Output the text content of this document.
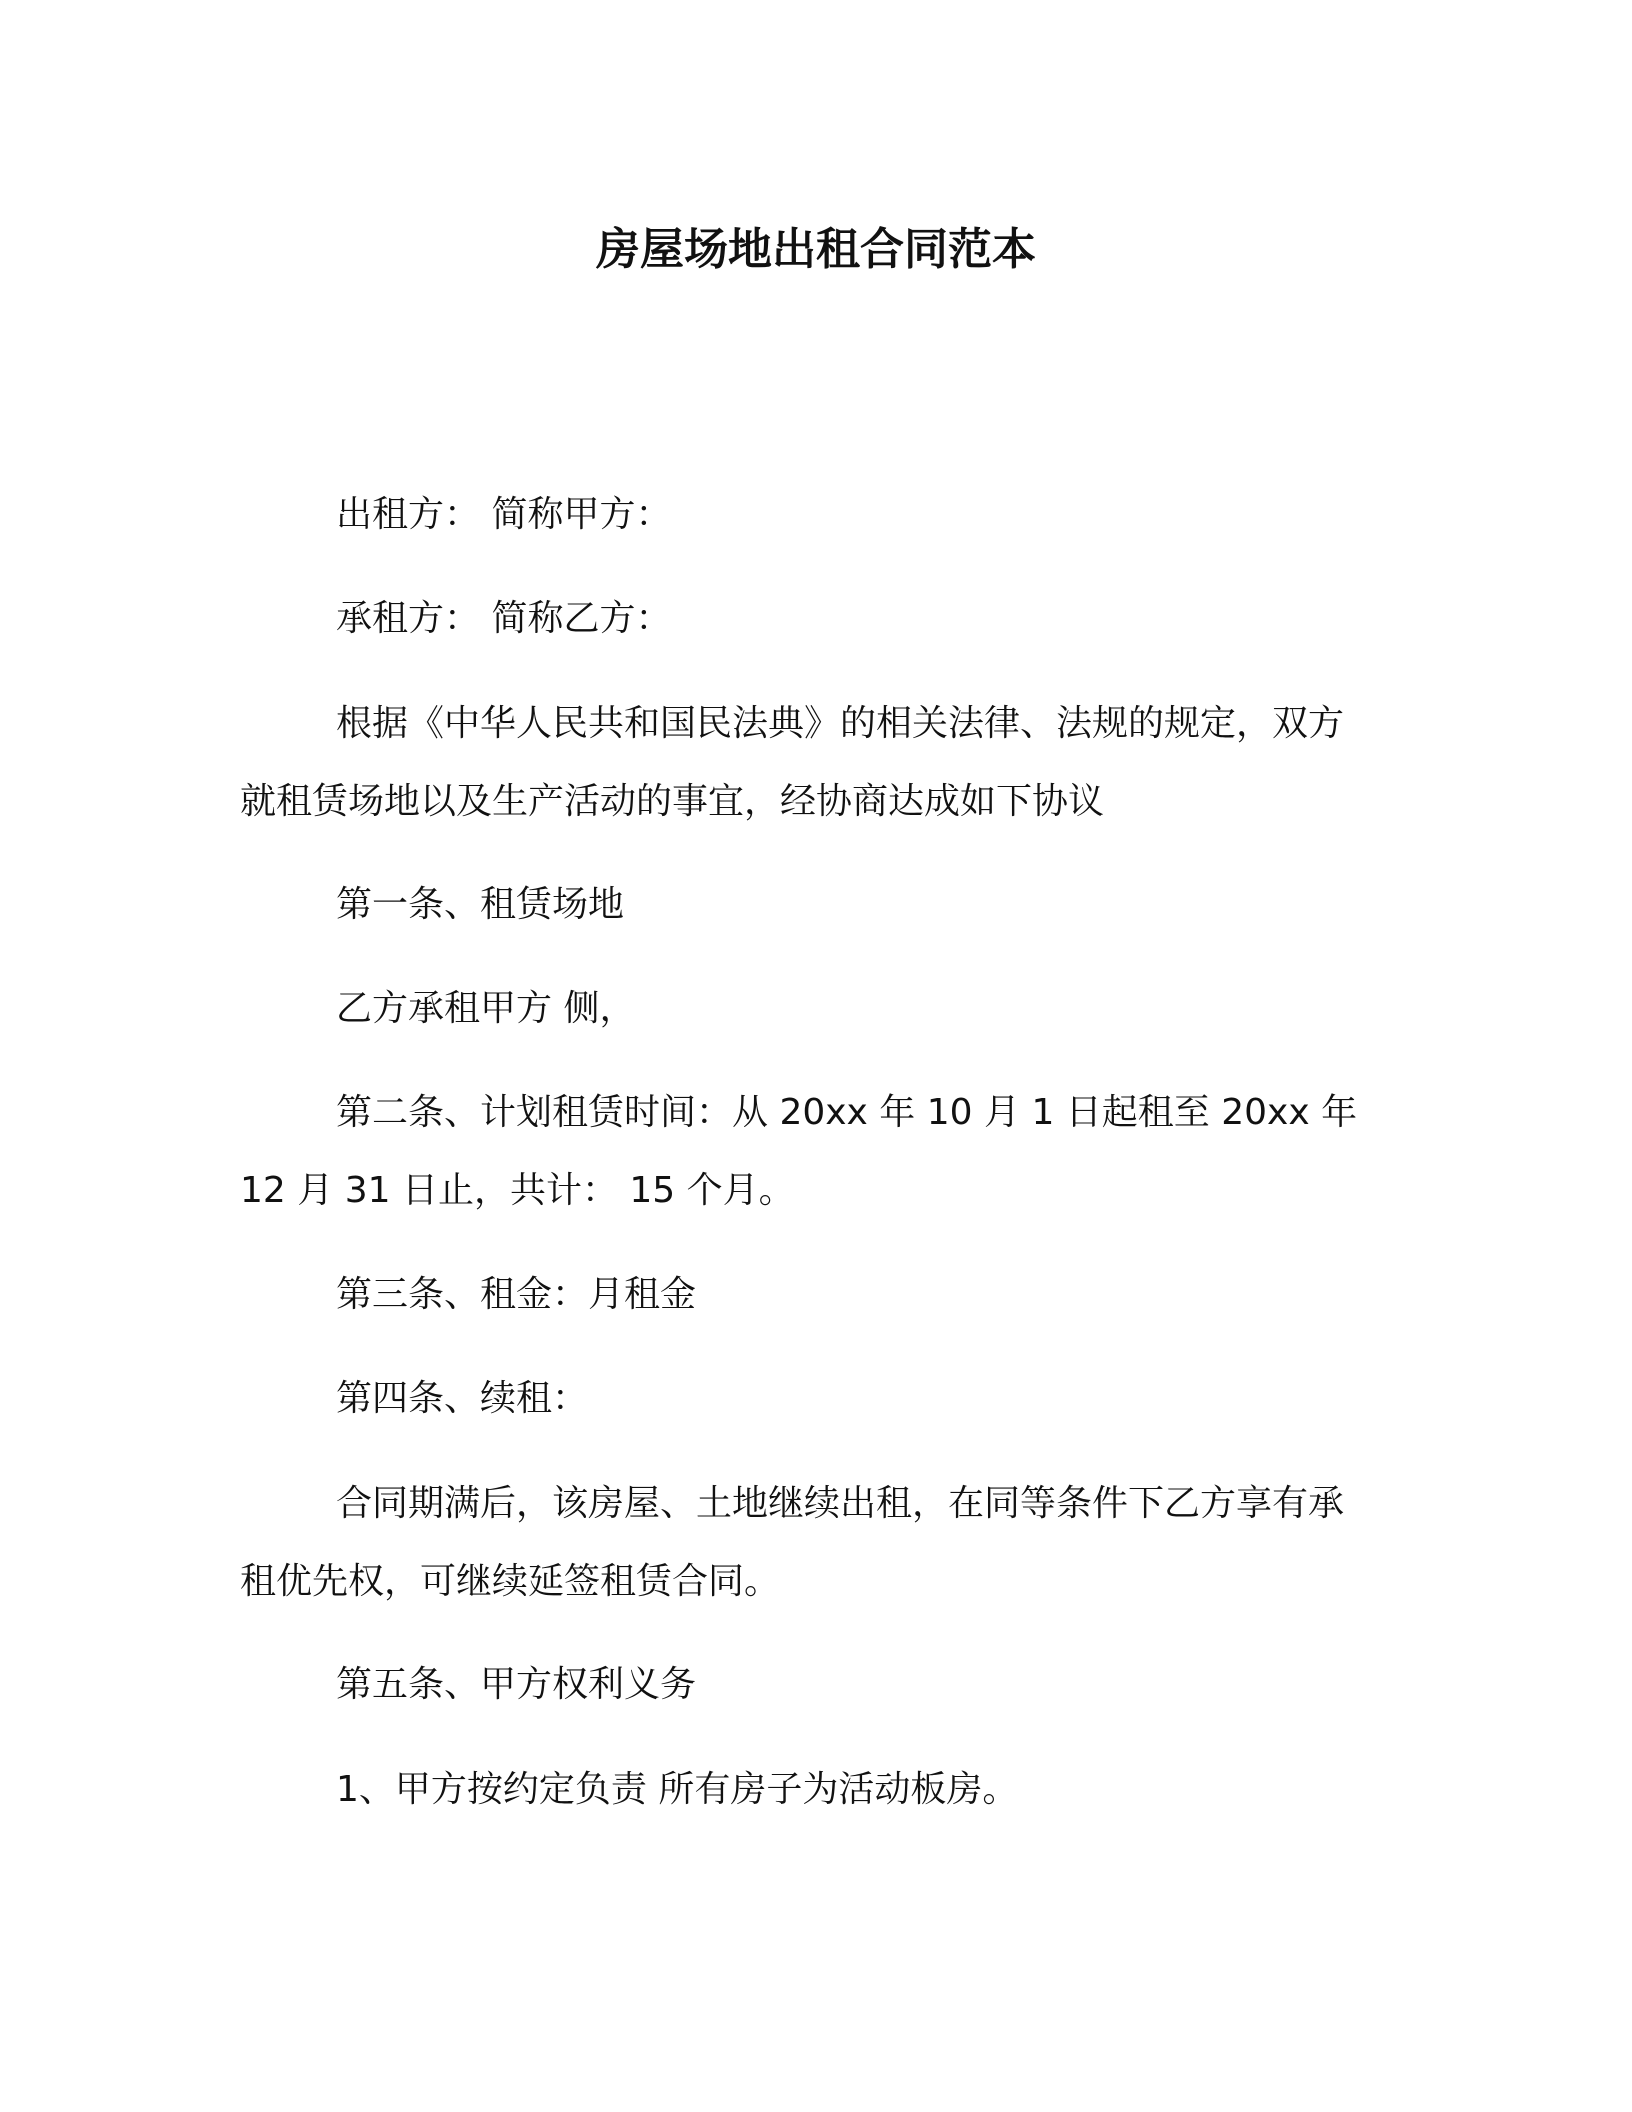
房屋场地出租合同范本

出租方： 简称甲方：

承租方： 简称乙方：

根据《中华人民共和国民法典》的相关法律、法规的规定，双方
就租赁场地以及生产活动的事宜，经协商达成如下协议

第一条、租赁场地

乙方承租甲方 侧，

第二条、计划租赁时间：从 20xx 年 10 月 1 日起租至 20xx 年
12 月 31 日止，共计： 15 个月。

第三条、租金：月租金

第四条、续租：

合同期满后，该房屋、土地继续出租，在同等条件下乙方享有承
租优先权，可继续延签租赁合同。

第五条、甲方权利义务

1、甲方按约定负责 所有房子为活动板房。
